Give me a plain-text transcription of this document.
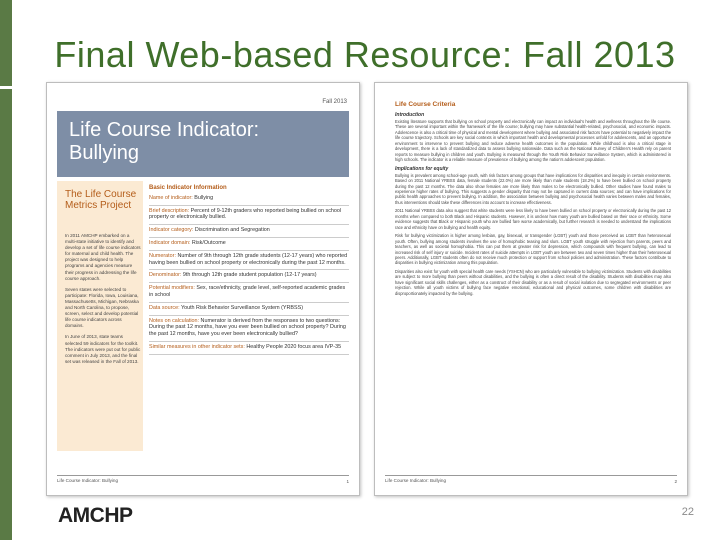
Final Web-based Resource: Fall 2013
Fall 2013
Life Course Indicator:
Bullying
The Life Course Metrics Project

In 2011 AMCHP embarked on a multi-state initiative to identify and develop a set of life course indicators for maternal and child health. The project was designed to help programs and agencies measure their progress in addressing the life course approach.

Seven states were selected to participate: Florida, Iowa, Louisiana, Massachusetts, Michigan, Nebraska and North Carolina, to propose, screen, select and develop potential life course indicators across domains.

In June of 2013, state teams selected 59 indicators for the toolkit. The indicators were put out for public comment in July 2013, and the final set was released in the Fall of 2013.

Basic Indicator Information
Name of indicator: Bullying
Brief description: Percent of 9-12th graders who reported being bullied on school property or electronically bullied.
Indicator category: Discrimination and Segregation
Indicator domain: Risk/Outcome
Numerator: Number of 9th through 12th grade students (12-17 years) who reported having been bullied on school property or electronically during the past 12 months.
Denominator: 9th through 12th grade student population (12-17 years)
Potential modifiers: Sex, race/ethnicity, grade level, self-reported academic grades in school
Data source: Youth Risk Behavior Surveillance System (YRBSS)
Notes on calculation: Numerator is derived from the responses to two questions: During the past 12 months, have you ever been bullied on school property? During the past 12 months, have you ever been electronically bullied?
Similar measures in other indicator sets: Healthy People 2020 focus area IVP-35
Life Course Indicator: Bullying	1
Life Course Criteria
Introduction

Existing literature supports that bullying on school property and electronically can impact an individual's health and wellness throughout the life course. These are several important within the framework of the life course; bullying may have substantial health-related, psychosocial, and economic impacts. Adolescence is also a critical time of physical and mental development where bullying and associated risk factors have potential to negatively impact the life course trajectory. Schools are key social contexts in which important health and developmental processes unfold for adolescents, and an opportune environment to intervene to prevent bullying and reduce adverse health outcomes in the population. While childhood is also a critical stage in development, there is a lack of standardized data to assess bullying nationwide. Data such as the National Survey of Children's Health rely on parent reports to measure bullying in children and youth. Bullying is measured through the Youth Risk Behavior Surveillance System, which is administered in high schools. The indicator is a reliable measure of prevalence of bullying among the nation's adolescent population.

Implications for equity

Bullying is prevalent among school-age youth, with risk factors among groups that have implications for disparities and inequity in certain environments. Based on 2011 National YRBSS data, female students (22.0%) are more likely than male students (18.2%) to have been bullied on school property during the past 12 months. The data also show females are more likely than males to be electronically bullied. Other studies have found males to experience higher rates of bullying. This suggests a gender disparity that may not be captured in current data sources; and can have implications for public health approaches to prevent bullying. In addition, the association between bullying and psychosocial health varies between males and females, thus interventions should take these differences into account to increase effectiveness.

2011 National YRBSS data also suggest that white students were less likely to have been bullied on school property or electronically during the past 12 months when compared to both Black and Hispanic students. However, it is unclear how many youth are bullied based on their race or ethnicity. Some evidence suggests that Black or Hispanic youth who are bullied fare worse academically, but further research is needed to understand the implications race and ethnicity have on bullying and health equity.

Risk for bullying victimization is higher among lesbian, gay, bisexual, or transgender (LGBT) youth and those perceived as LGBT than heterosexual youth. Often, bullying among students involves the use of homophobic teasing and slurs. LGBT youth struggle with rejection from parents, peers and teachers, as well as societal homophobia. This can put them at greater risk for depression, which compounds with frequent bullying, can lead to increased risk of self injury or suicide. Incident rates of suicide attempts in LGBT youth are between two and seven times higher than their heterosexual peers. Additionally, LGBT students often do not receive much protection or support from school policies and administration. These factors contribute to disparities in bullying victimization among this population.

Disparities also exist for youth with special health care needs (YSHCN) who are particularly vulnerable to bullying victimization. Students with disabilities are subject to more bullying than peers without disabilities, and the bullying is often a direct result of the disability. Students with disabilities may also have significant social skills challenges, either as a construct of their disability or as a result of social isolation due to segregated environments or peer rejection. While all youth victims of bullying face negative emotional, educational and physical outcomes, some children with disabilities are disproportionately impacted by the bullying.

Life Course Indicator: Bullying	2
AMCHP	22
